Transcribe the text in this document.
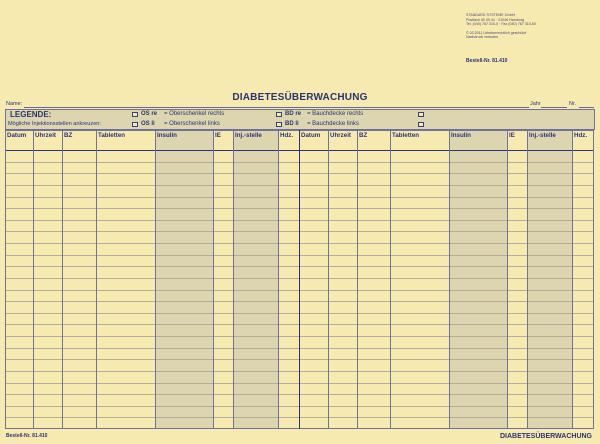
STANDARD SYSTEME GmbH
Postfach 60 09 41 · 21046 Hamburg
Tel. (040) 767 310-0 · Fax (040) 767 310-60
© 03.2011 Urheberrechtlich geschützt
Nachdruck verboten
Bestell-Nr. 81.410
DIABETESÜBERWACHUNG
Name:	Jahr	Nr.
LEGENDE:
Mögliche Injektionsstellen ankreuzen:
OS re = Oberschenkel rechts
OS li = Oberschenkel links
BD re = Bauchdecke rechts
BD li = Bauchdecke links
Datum	Uhrzeit	BZ	Tabletten	Insulin	IE	Inj.-stelle	Hdz.	Datum	Uhrzeit	BZ	Tabletten	Insulin	IE	Inj.-stelle	Hdz.
Bestell-Nr. 81.410	DIABETESÜBERWACHUNG
